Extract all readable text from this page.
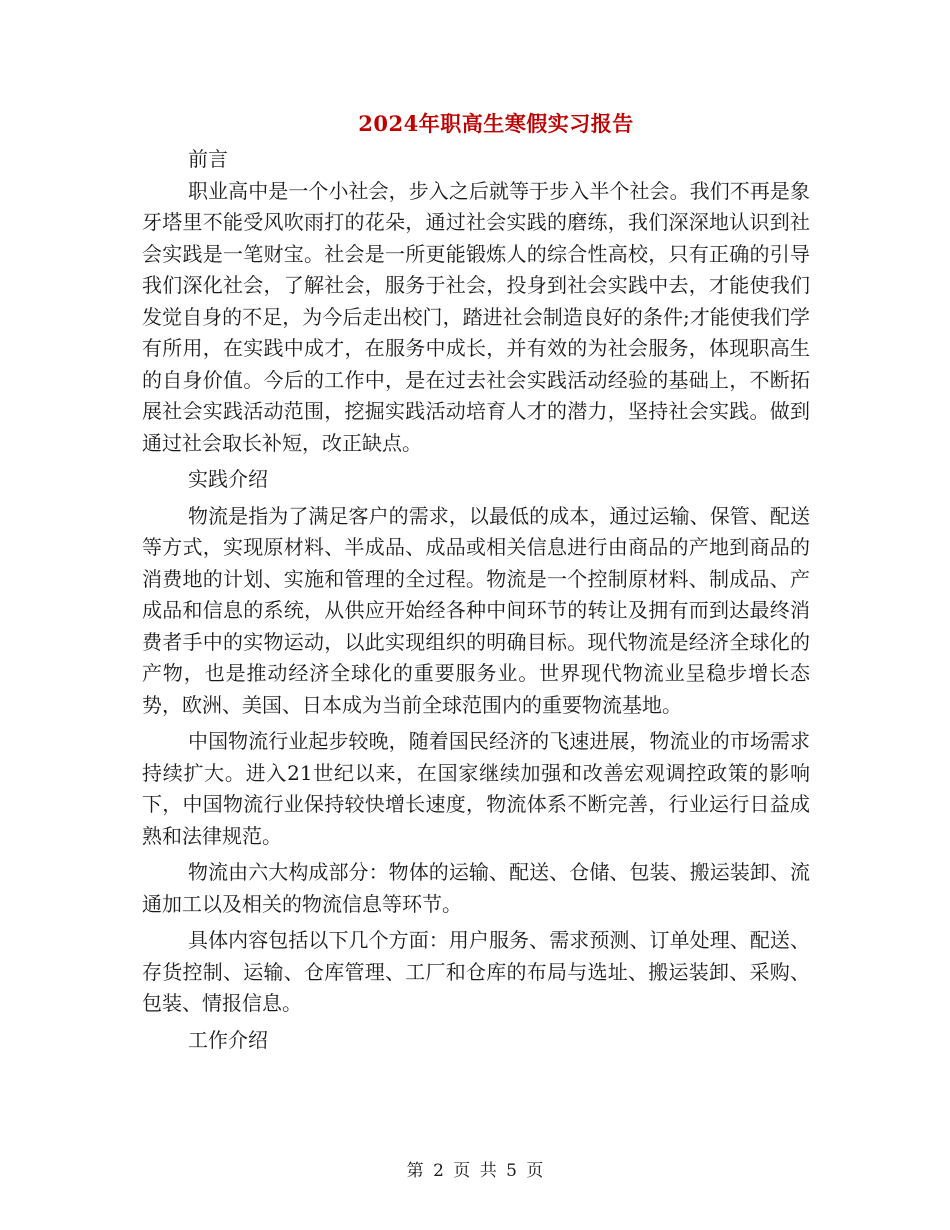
2024年职高生寒假实习报告

前言

职业高中是一个小社会，步入之后就等于步入半个社会。我们不再是象牙塔里不能受风吹雨打的花朵，通过社会实践的磨练，我们深深地认识到社会实践是一笔财宝。社会是一所更能锻炼人的综合性高校，只有正确的引导我们深化社会，了解社会，服务于社会，投身到社会实践中去，才能使我们发觉自身的不足，为今后走出校门，踏进社会制造良好的条件;才能使我们学有所用，在实践中成才，在服务中成长，并有效的为社会服务，体现职高生的自身价值。今后的工作中，是在过去社会实践活动经验的基础上，不断拓展社会实践活动范围，挖掘实践活动培育人才的潜力，坚持社会实践。做到通过社会取长补短，改正缺点。

实践介绍

物流是指为了满足客户的需求，以最低的成本，通过运输、保管、配送等方式，实现原材料、半成品、成品或相关信息进行由商品的产地到商品的消费地的计划、实施和管理的全过程。物流是一个控制原材料、制成品、产成品和信息的系统，从供应开始经各种中间环节的转让及拥有而到达最终消费者手中的实物运动，以此实现组织的明确目标。现代物流是经济全球化的产物，也是推动经济全球化的重要服务业。世界现代物流业呈稳步增长态势，欧洲、美国、日本成为当前全球范围内的重要物流基地。

中国物流行业起步较晚，随着国民经济的飞速进展，物流业的市场需求持续扩大。进入21世纪以来，在国家继续加强和改善宏观调控政策的影响下，中国物流行业保持较快增长速度，物流体系不断完善，行业运行日益成熟和法律规范。

物流由六大构成部分：物体的运输、配送、仓储、包装、搬运装卸、流通加工以及相关的物流信息等环节。

具体内容包括以下几个方面：用户服务、需求预测、订单处理、配送、存货控制、运输、仓库管理、工厂和仓库的布局与选址、搬运装卸、采购、包装、情报信息。

工作介绍

第 2 页 共 5 页
